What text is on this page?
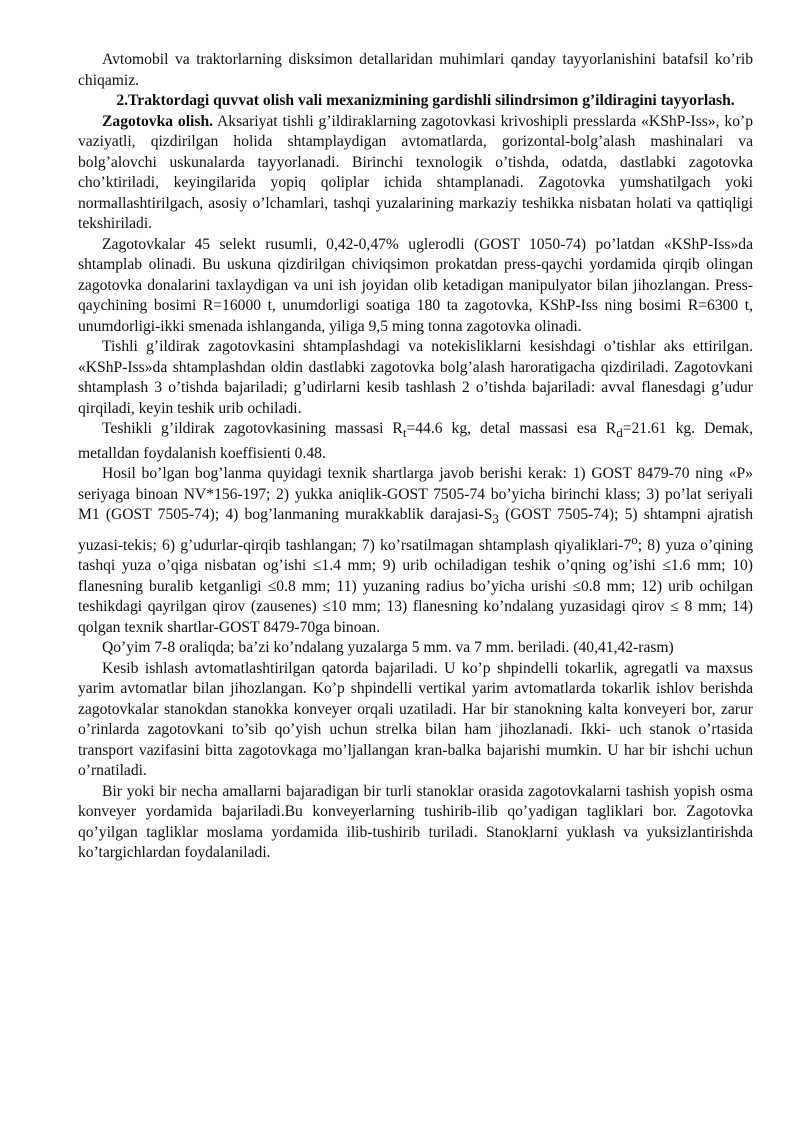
Avtomobil va traktorlarning disksimon detallaridan muhimlari qanday tayyorlanishini batafsil ko’rib chiqamiz.

2.Traktordagi quvvat olish vali mexanizmining gardishli silindrsimon g’ildiragini tayyorlash.

Zagotovka olish. Aksariyat tishli g’ildiraklarning zagotovkasi krivoshipli presslarda «KShP-Iss», ko’p vaziyatli, qizdirilgan holida shtamplaydigan avtomatlarda, gorizontal-bolg’alash mashinalari va bolg’alovchi uskunalarda tayyorlanadi. Birinchi texnologik o’tishda, odatda, dastlabki zagotovka cho’ktiriladi, keyingilarida yopiq qoliplar ichida shtamplanadi. Zagotovka yumshatilgach yoki normallashtirilgach, asosiy o’lchamlari, tashqi yuzalarining markaziy teshikka nisbatan holati va qattiqligi tekshiriladi.

Zagotovkalar 45 selekt rusumli, 0,42-0,47% uglerodli (GOST 1050-74) po’latdan «KShP-Iss»da shtamplab olinadi. Bu uskuna qizdirilgan chiviqsimon prokatdan press-qaychi yordamida qirqib olingan zagotovka donalarini taxlaydigan va uni ish joyidan olib ketadigan manipulyator bilan jihozlangan. Press-qaychining bosimi R=16000 t, unumdorligi soatiga 180 ta zagotovka, KShP-Iss ning bosimi R=6300 t, unumdorligi-ikki smenada ishlanganda, yiliga 9,5 ming tonna zagotovka olinadi.

Tishli g’ildirak zagotovkasini shtamplashdagi va notekisliklarni kesishdagi o’tishlar aks ettirilgan. «KShP-Iss»da shtamplashdan oldin dastlabki zagotovka bolg’alash haroratigacha qizdiriladi. Zagotovkani shtamplash 3 o’tishda bajariladi; g’udirlarni kesib tashlash 2 o’tishda bajariladi: avval flanesdagi g’udur qirqiladi, keyin teshik urib ochiladi.

Teshikli g’ildirak zagotovkasining massasi $R_t=44.6$ kg, detal massasi esa $R_d=21.61$ kg. Demak, metalldan foydalanish koeffisienti 0.48.

Hosil bo’lgan bog’lanma quyidagi texnik shartlarga javob berishi kerak: 1) GOST 8479-70 ning «P» seriyaga binoan NV*156-197; 2) yukka aniqlik-GOST 7505-74 bo’yicha birinchi klass; 3) po’lat seriyali M1 (GOST 7505-74); 4) bog’lanmaning murakkablik darajasi-$S_3$ (GOST 7505-74); 5) shtampni ajratish yuzasi-tekis; 6) g’udurlar-qirqib tashlangan; 7) ko’rsatilmagan shtamplash qiyaliklari-7$^o$; 8) yuza o’qining tashqi yuza o’qiga nisbatan og’ishi ≤1.4 mm; 9) urib ochiladigan teshik o’qning og’ishi ≤1.6 mm; 10) flanesning buralib ketganligi ≤0.8 mm; 11) yuzaning radius bo’yicha urishi ≤0.8 mm; 12) urib ochilgan teshikdagi qayrilgan qirov (zausenes) ≤10 mm; 13) flanesning ko’ndalang yuzasidagi qirov ≤ 8 mm; 14) qolgan texnik shartlar-GOST 8479-70ga binoan.

Qo’yim 7-8 oraliqda; ba’zi ko’ndalang yuzalarga 5 mm. va 7 mm. beriladi. (40,41,42-rasm)

Kesib ishlash avtomatlashtirilgan qatorda bajariladi. U ko’p shpindelli tokarlik, agregatli va maxsus yarim avtomatlar bilan jihozlangan. Ko’p shpindelli vertikal yarim avtomatlarda tokarlik ishlov berishda zagotovkalar stanokdan stanokka konveyer orqali uzatiladi. Har bir stanokning kalta konveyeri bor, zarur o’rinlarda zagotovkani to’sib qo’yish uchun strelka bilan ham jihozlanadi. Ikki- uch stanok o’rtasida transport vazifasini bitta zagotovkaga mo’ljallangan kran-balka bajarishi mumkin. U har bir ishchi uchun o’rnatiladi.

Bir yoki bir necha amallarni bajaradigan bir turli stanoklar orasida zagotovkalarni tashish yopish osma konveyer yordamida bajariladi.Bu konveyerlarning tushirib-ilib qo’yadigan tagliklari bor. Zagotovka qo’yilgan tagliklar moslama yordamida ilib-tushirib turiladi. Stanoklarni yuklash va yuksizlantirishda ko’targichlardan foydalaniladi.
